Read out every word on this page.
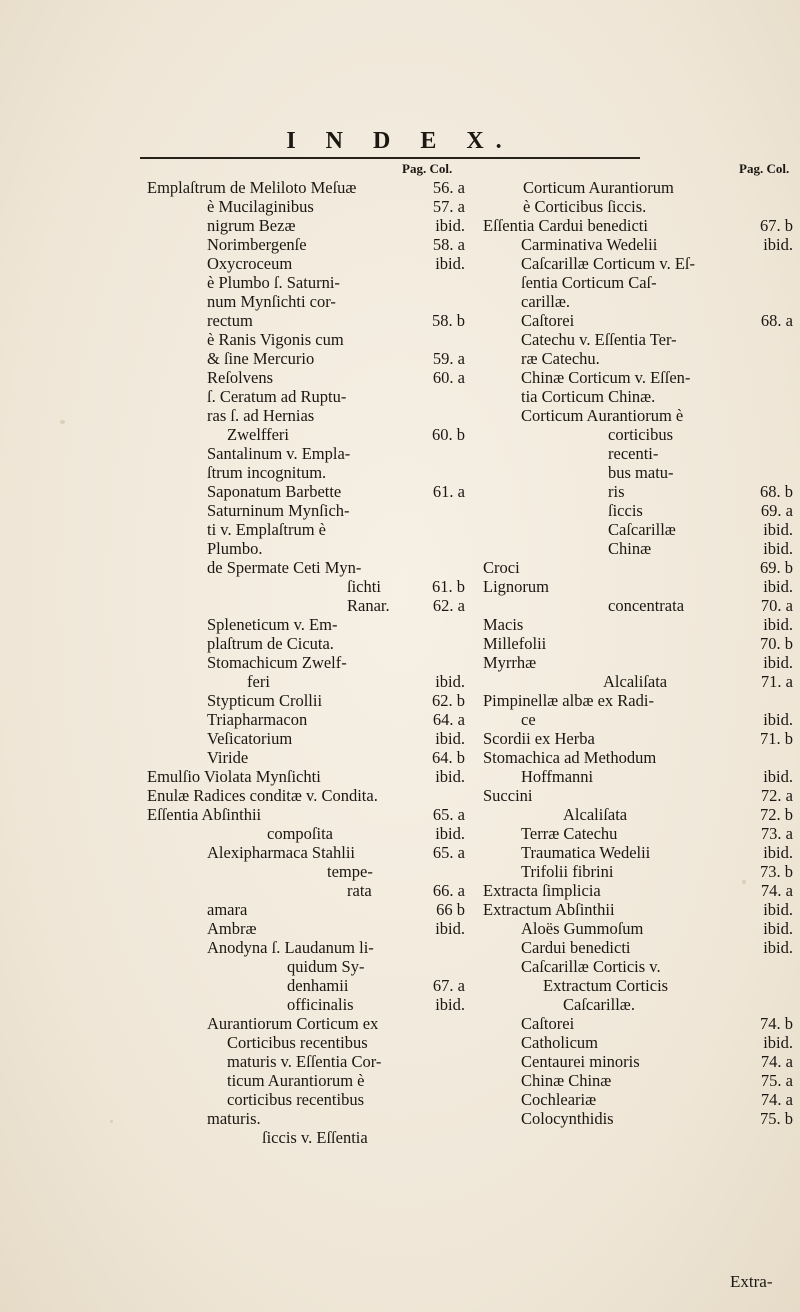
I N D E X.
Pag. Col.	Pag. Col.
Emplaſtrum de Meliloto Meſuæ	56. a
è Mucilaginibus	57. a
nigrum Bezæ	ibid.
Norimbergenſe	58. a
Oxycroceum	ibid.
è Plumbo ſ. Saturni-
num Mynſichti cor-
rectum	58. b
è Ranis Vigonis cum
& ſine Mercurio	59. a
Reſolvens	60. a
ſ. Ceratum ad Ruptu-
ras ſ. ad Hernias
Zwelfferi	60. b
Santalinum v. Empla-
ſtrum incognitum.
Saponatum Barbette	61. a
Saturninum Mynſich-
ti v. Emplaſtrum è
Plumbo.
de Spermate Ceti Myn-
ſichti	61. b
Ranar.	62. a
Spleneticum v. Em-
plaſtrum de Cicuta.
Stomachicum Zwelf-
feri	ibid.
Stypticum Crollii	62. b
Triapharmacon	64. a
Veſicatorium	ibid.
Viride	64. b
Emulſio Violata Mynſichti	ibid.
Enulæ Radices conditæ v. Condita.
Eſſentia Abſinthii	65. a
compoſita	ibid.
Alexipharmaca Stahlii	65. a
tempe-
rata	66. a
amara	66 b
Ambræ	ibid.
Anodyna ſ. Laudanum li-
quidum Sy-
denhamii	67. a
officinalis	ibid.
Aurantiorum Corticum ex
Corticibus recentibus
maturis v. Eſſentia Cor-
ticum Aurantiorum è
corticibus recentibus
maturis.
ſiccis v. Eſſentia
Corticum Aurantiorum
è Corticibus ſiccis.
Eſſentia Cardui benedicti	67. b
Carminativa Wedelii	ibid.
Caſcarillæ Corticum v. Eſ-
ſentia Corticum Caſ-
carillæ.
Caſtorei	68. a
Catechu v. Eſſentia Ter-
ræ Catechu.
Chinæ Corticum v. Eſſen-
tia Corticum Chinæ.
Corticum Aurantiorum è
corticibus
recenti-
bus matu-
ris	68. b
ſiccis	69. a
Caſcarillæ	ibid.
Chinæ	ibid.
Croci	69. b
Lignorum	ibid.
concentrata	70. a
Macis	ibid.
Millefolii	70. b
Myrrhæ	ibid.
Alcaliſata	71. a
Pimpinellæ albæ ex Radi-
ce	ibid.
Scordii ex Herba	71. b
Stomachica ad Methodum
Hoffmanni	ibid.
Succini	72. a
Alcaliſata	72. b
Terræ Catechu	73. a
Traumatica Wedelii	ibid.
Trifolii fibrini	73. b
Extracta ſimplicia	74. a
Extractum Abſinthii	ibid.
Aloës Gummoſum	ibid.
Cardui benedicti	ibid.
Caſcarillæ Corticis v.
Extractum Corticis
Caſcarillæ.
Caſtorei	74. b
Catholicum	ibid.
Centaurei minoris	74. a
Chinæ Chinæ	75. a
Cochleariæ	74. a
Colocynthidis	75. b
Extra-
